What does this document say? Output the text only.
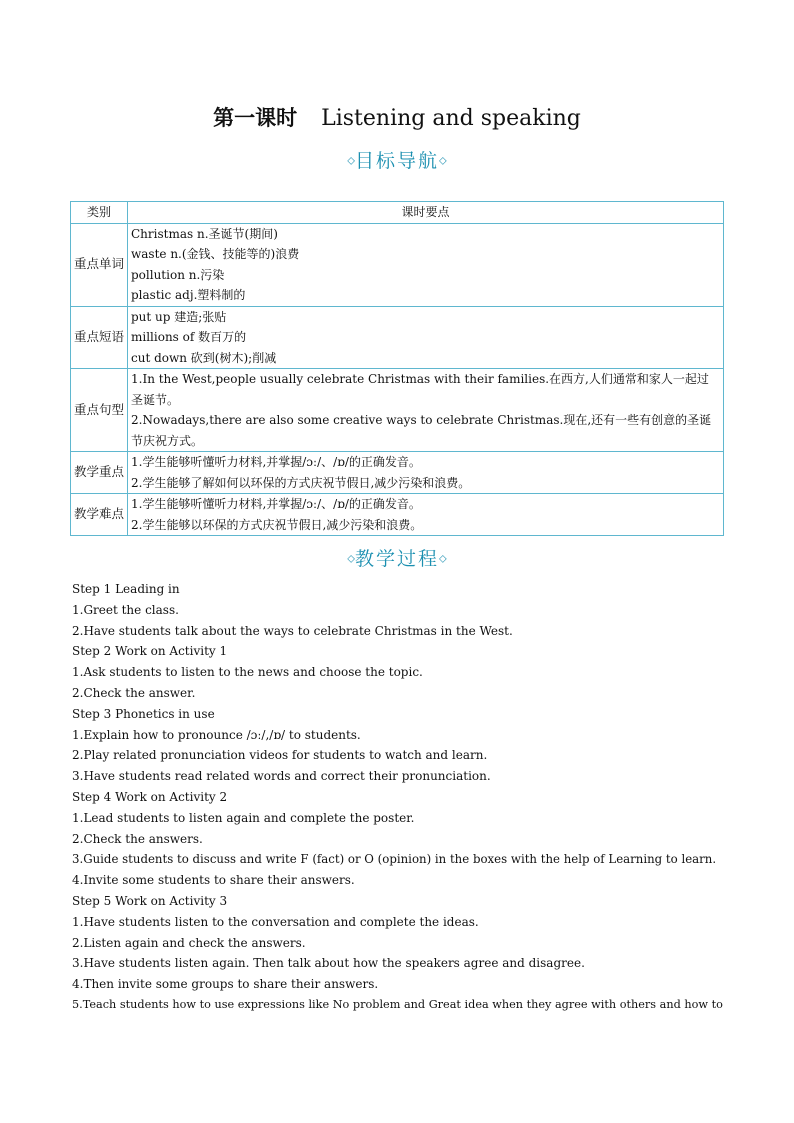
第一课时 Listening and speaking
◇目标导航◇
类别	课时要点
重点单词	Christmas n.圣诞节(期间)
waste n.(金钱、技能等的)浪费
pollution n.污染
plastic adj.塑料制的

重点短语	put up 建造;张贴
millions of 数百万的
cut down 砍到(树木);削减

重点句型	1.In the West,people usually celebrate Christmas with their families.在西方,人们通常和家人一起过圣诞节。
2.Nowadays,there are also some creative ways to celebrate Christmas.现在,还有一些有创意的圣诞节庆祝方式。

教学重点	1.学生能够听懂听力材料,并掌握/ɔː/、/ɒ/的正确发音。
2.学生能够了解如何以环保的方式庆祝节假日,减少污染和浪费。

教学难点	1.学生能够听懂听力材料,并掌握/ɔː/、/ɒ/的正确发音。
2.学生能够以环保的方式庆祝节假日,减少污染和浪费。
◇教学过程◇
Step 1 Leading in
1.Greet the class.
2.Have students talk about the ways to celebrate Christmas in the West.
Step 2 Work on Activity 1
1.Ask students to listen to the news and choose the topic.
2.Check the answer.
Step 3 Phonetics in use
1.Explain how to pronounce /ɔː/,/ɒ/ to students.
2.Play related pronunciation videos for students to watch and learn.
3.Have students read related words and correct their pronunciation.
Step 4 Work on Activity 2
1.Lead students to listen again and complete the poster.
2.Check the answers.
3.Guide students to discuss and write F (fact) or O (opinion) in the boxes with the help of Learning to learn.
4.Invite some students to share their answers.
Step 5 Work on Activity 3
1.Have students listen to the conversation and complete the ideas.
2.Listen again and check the answers.
3.Have students listen again. Then talk about how the speakers agree and disagree.
4.Then invite some groups to share their answers.
5.Teach students how to use expressions like No problem and Great idea when they agree with others and how to
